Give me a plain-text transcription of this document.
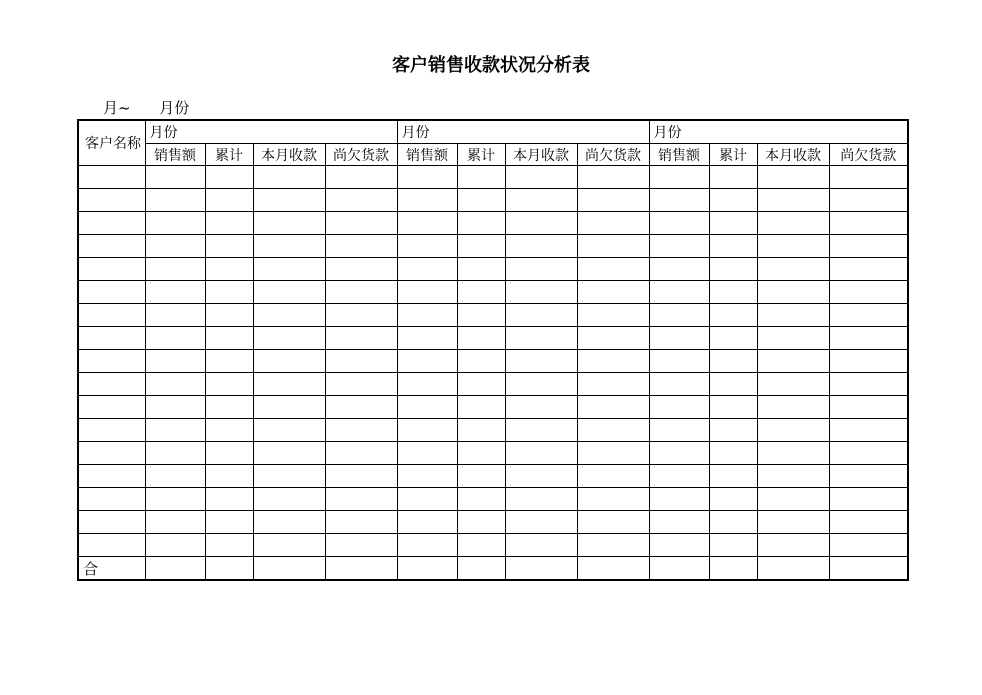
客户销售收款状况分析表
月~ 月份
客户名称	月份				月份				月份			
	销售额	累计	本月收款	尚欠货款	销售额	累计	本月收款	尚欠货款	销售额	累计	本月收款	尚欠货款

合												
